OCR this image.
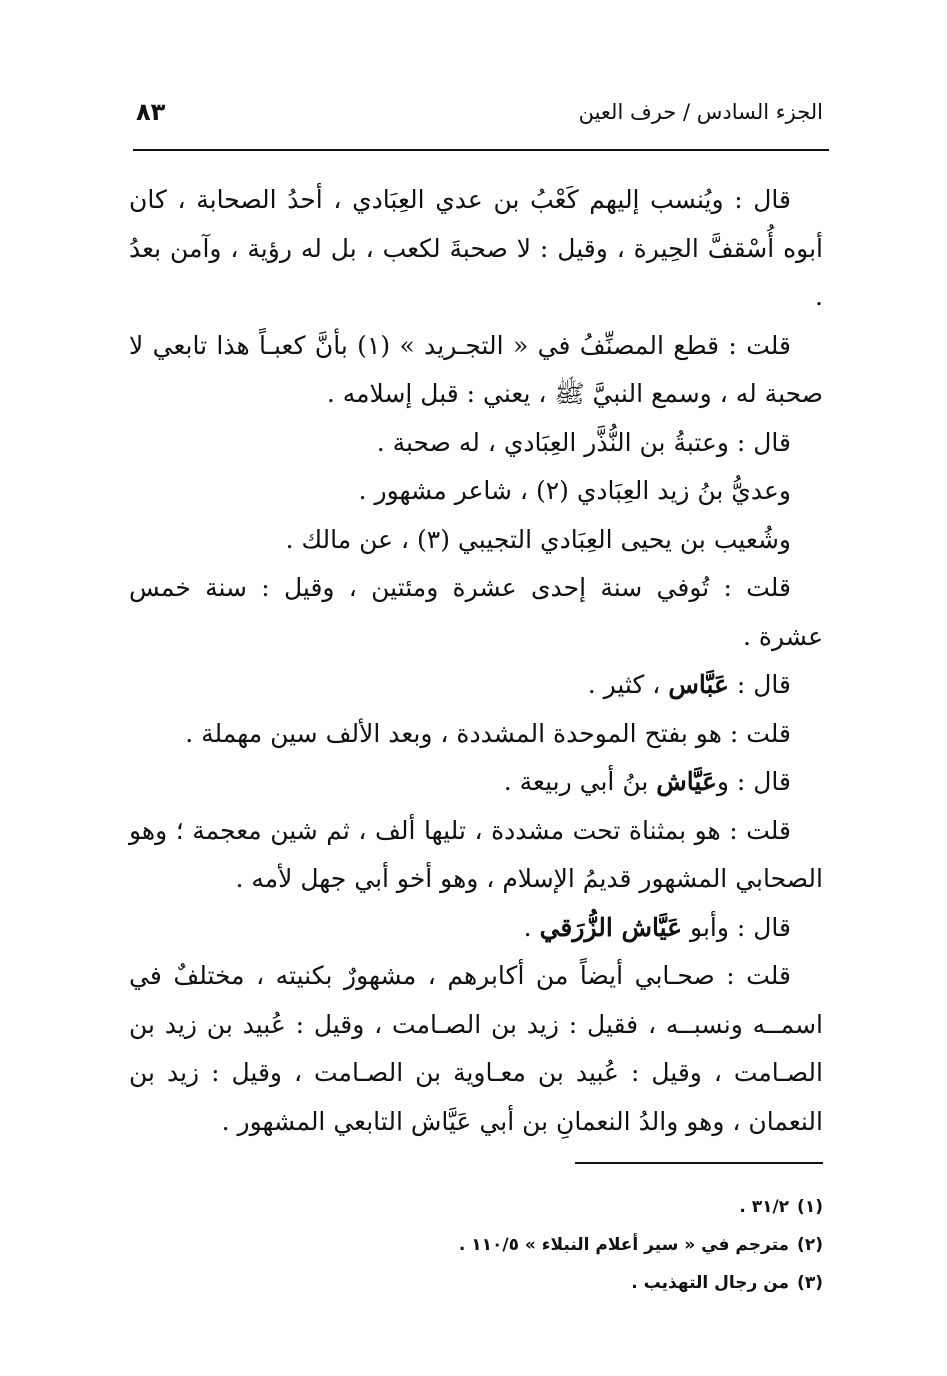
الجزء السادس / حرف العين
٨٣

قال : ويُنسب إليهم كَعْبُ بن عدي العِبَادي ، أحدُ الصحابة ، كان أبوه أُسْقفَّ الحِيرة ، وقيل : لا صحبةَ لكعب ، بل له رؤية ، وآمن بعدُ .

قلت : قطع المصنِّفُ في « التجـريد » (١) بأنَّ كعبـاً هذا تابعي لا صحبة له ، وسمع النبيَّ ﷺ ، يعني : قبل إسلامه .

قال : وعتبةُ بن النُّذَّر العِبَادي ، له صحبة .

وعديُّ بنُ زيد العِبَادي (٢) ، شاعر مشهور .

وشُعيب بن يحيى العِبَادي التجيبي (٣) ، عن مالك .

قلت : تُوفي سنة إحدى عشرة ومئتين ، وقيل : سنة خمس عشرة .

قال : عَبَّاس ، كثير .

قلت : هو بفتح الموحدة المشددة ، وبعد الألف سين مهملة .

قال : وعَيَّاش بنُ أبي ربيعة .

قلت : هو بمثناة تحت مشددة ، تليها ألف ، ثم شين معجمة ؛ وهو الصحابي المشهور قديمُ الإسلام ، وهو أخو أبي جهل لأمه .

قال : وأبو عَيَّاش الزُّرَقي .

قلت : صحـابي أيضاً من أكابرهم ، مشهورٌ بكنيته ، مختلفٌ في اسمــه ونسبــه ، فقيل : زيد بن الصـامت ، وقيل : عُبيد بن زيد بن الصـامت ، وقيل : عُبيد بن معـاوية بن الصـامت ، وقيل : زيد بن النعمان ، وهو والدُ النعمانِ بن أبي عَيَّاش التابعي المشهور .

(١)٣١/٢ .

(٢)مترجم في « سير أعلام النبلاء » ١١٠/٥ .

(٣)من رجال التهذيب .
